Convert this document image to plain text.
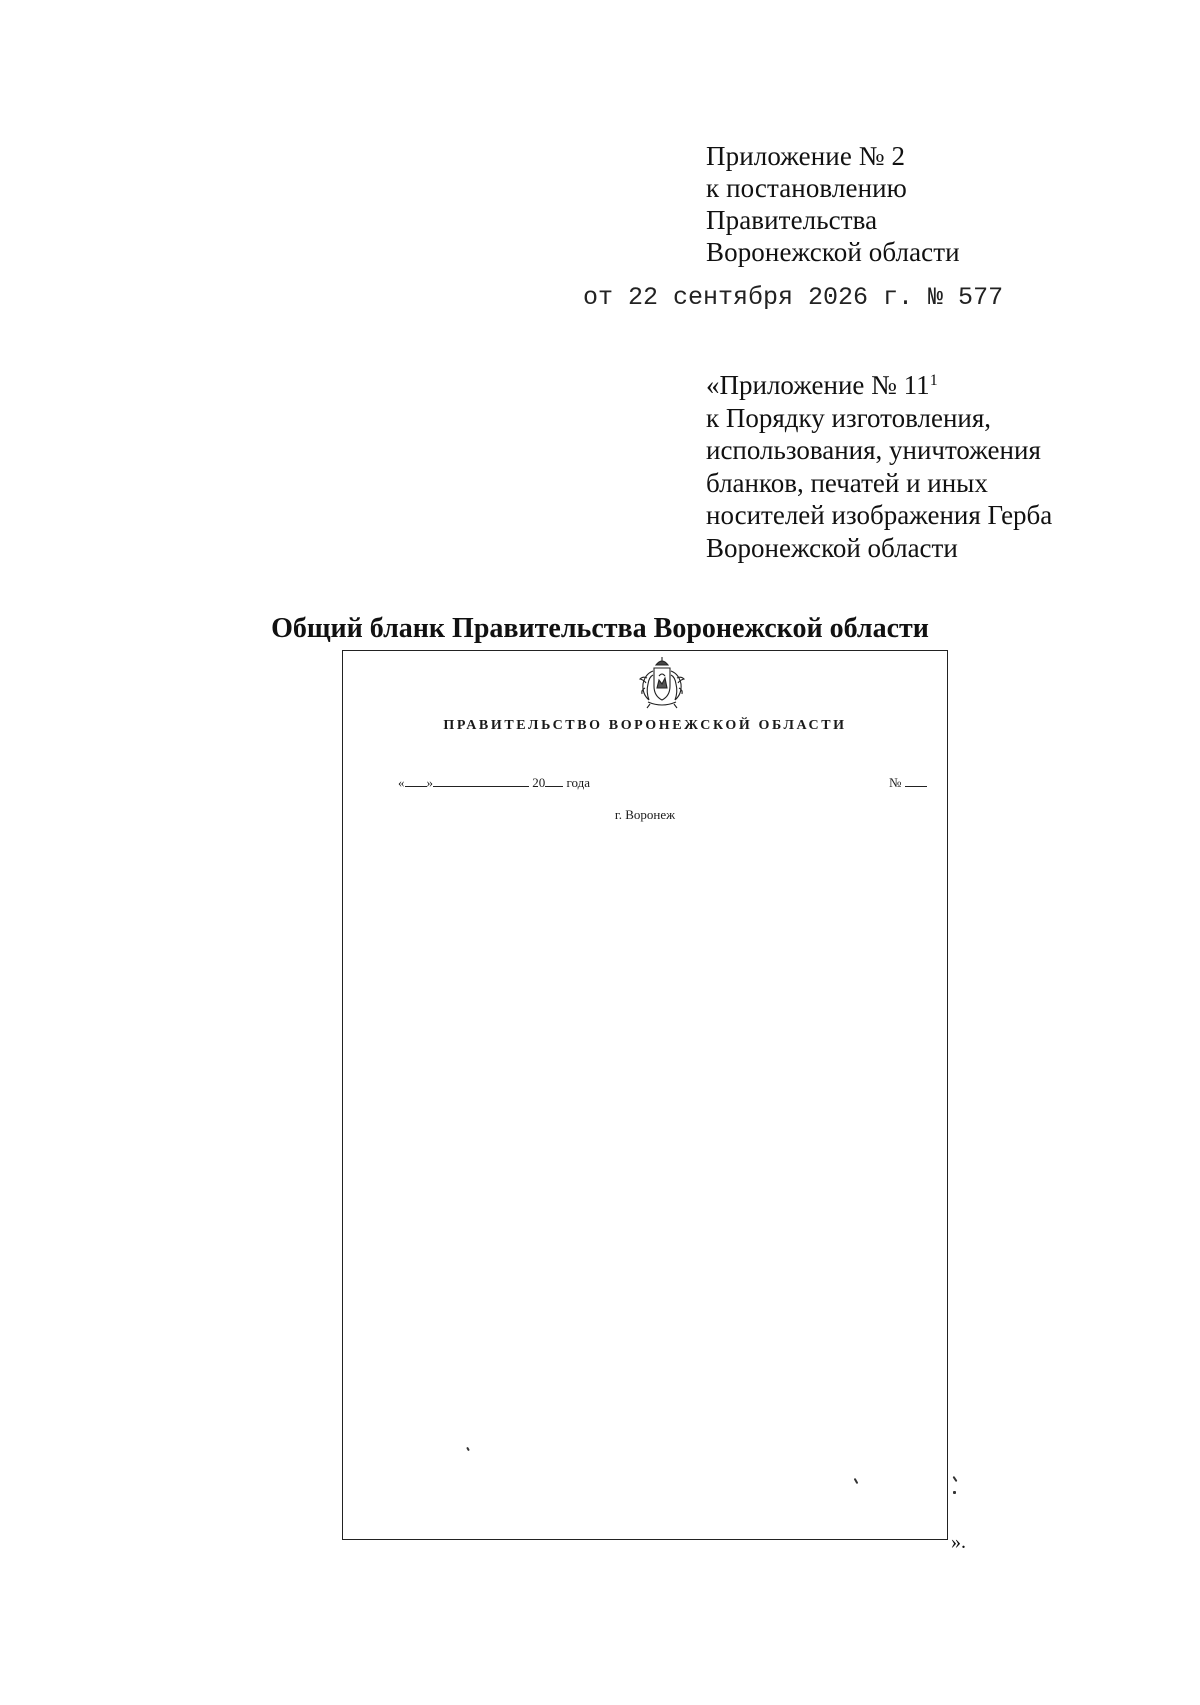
Приложение № 2
к постановлению
Правительства
Воронежской области
от 22 сентября 2026 г. № 577
«Приложение № $11^1$
к Порядку изготовления,
использования, уничтожения
бланков, печатей и иных
носителей изображения Герба
Воронежской области
Общий бланк Правительства Воронежской области
ПРАВИТЕЛЬСТВО ВОРОНЕЖСКОЙ ОБЛАСТИ
« »	20 года	№
г. Воронеж
».
